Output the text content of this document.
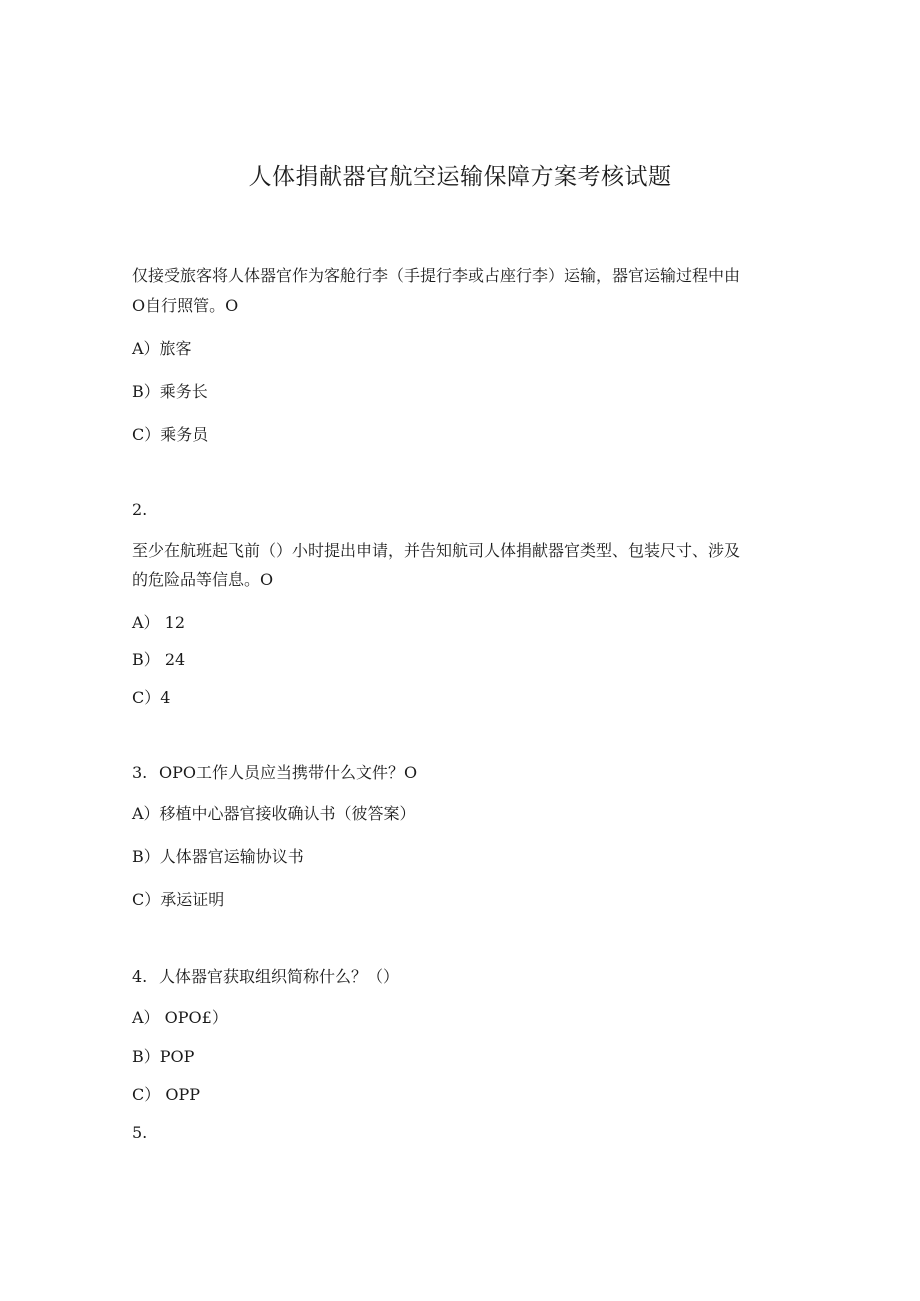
人体捐献器官航空运输保障方案考核试题
仅接受旅客将人体器官作为客舱行李（手提行李或占座行李）运输，器官运输过程中由
O自行照管。O
A）旅客
B）乘务长
C）乘务员
2.
至少在航班起飞前（）小时提出申请，并告知航司人体捐献器官类型、包装尺寸、涉及
的危险品等信息。O
A） 12
B） 24
C）4
3. OPO工作人员应当携带什么文件？O
A）移植中心器官接收确认书（彼答案）
B）人体器官运输协议书
C）承运证明
4. 人体器官获取组织简称什么？（）
A） OPO£）
B）POP
C） OPP
5.
